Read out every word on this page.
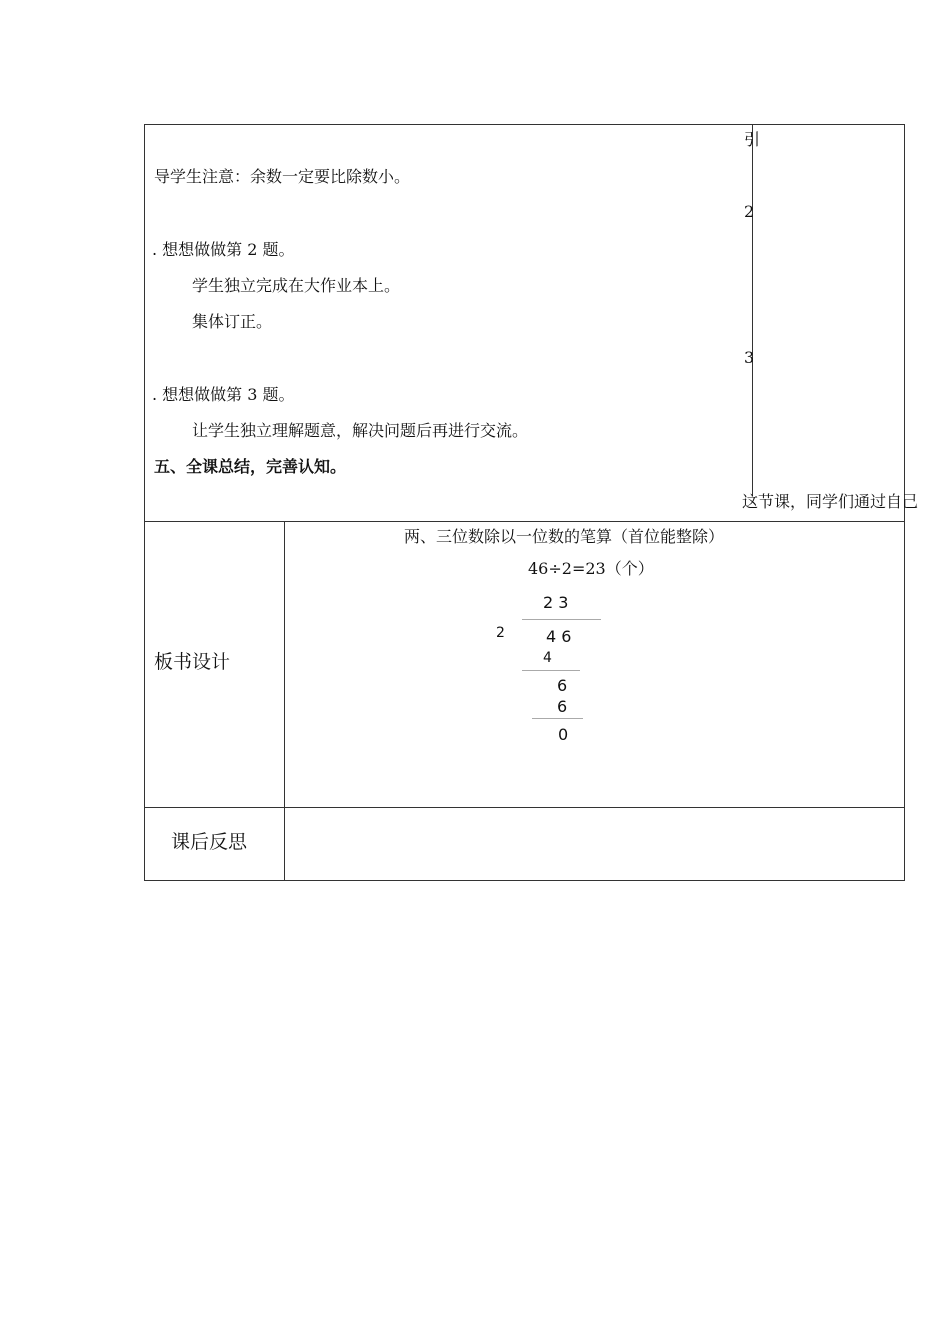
引
导学生注意：余数一定要比除数小。
2
. 想想做做第 2 题。
学生独立完成在大作业本上。
集体订正。
3
. 想想做做第 3 题。
让学生独立理解题意，解决问题后再进行交流。
五、全课总结，完善认知。
这节课，同学们通过自己
板书设计
两、三位数除以一位数的笔算（首位能整除）
46÷2=23（个）
2 3
2	4 6
4
6
6
0
课后反思
